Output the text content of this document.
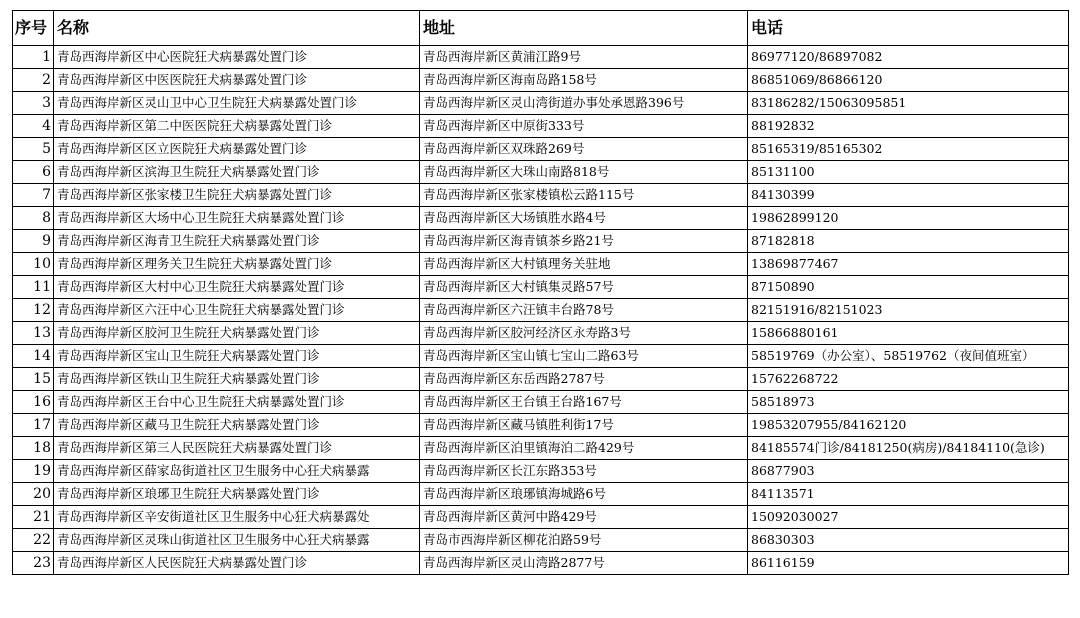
序号	名称	地址	电话
1	青岛西海岸新区中心医院狂犬病暴露处置门诊	青岛西海岸新区黄浦江路9号	86977120/86897082
2	青岛西海岸新区中医医院狂犬病暴露处置门诊	青岛西海岸新区海南岛路158号	86851069/86866120
3	青岛西海岸新区灵山卫中心卫生院狂犬病暴露处置门诊	青岛西海岸新区灵山湾街道办事处承恩路396号	83186282/15063095851
4	青岛西海岸新区第二中医医院狂犬病暴露处置门诊	青岛西海岸新区中原街333号	88192832
5	青岛西海岸新区区立医院狂犬病暴露处置门诊	青岛西海岸新区双珠路269号	85165319/85165302
6	青岛西海岸新区滨海卫生院狂犬病暴露处置门诊	青岛西海岸新区大珠山南路818号	85131100
7	青岛西海岸新区张家楼卫生院狂犬病暴露处置门诊	青岛西海岸新区张家楼镇松云路115号	84130399
8	青岛西海岸新区大场中心卫生院狂犬病暴露处置门诊	青岛西海岸新区大场镇胜水路4号	19862899120
9	青岛西海岸新区海青卫生院狂犬病暴露处置门诊	青岛西海岸新区海青镇茶乡路21号	87182818
10	青岛西海岸新区理务关卫生院狂犬病暴露处置门诊	青岛西海岸新区大村镇理务关驻地	13869877467
11	青岛西海岸新区大村中心卫生院狂犬病暴露处置门诊	青岛西海岸新区大村镇集灵路57号	87150890
12	青岛西海岸新区六汪中心卫生院狂犬病暴露处置门诊	青岛西海岸新区六汪镇丰台路78号	82151916/82151023
13	青岛西海岸新区胶河卫生院狂犬病暴露处置门诊	青岛西海岸新区胶河经济区永寿路3号	15866880161
14	青岛西海岸新区宝山卫生院狂犬病暴露处置门诊	青岛西海岸新区宝山镇七宝山二路63号	58519769（办公室）、58519762（夜间值班室）
15	青岛西海岸新区铁山卫生院狂犬病暴露处置门诊	青岛西海岸新区东岳西路2787号	15762268722
16	青岛西海岸新区王台中心卫生院狂犬病暴露处置门诊	青岛西海岸新区王台镇王台路167号	58518973
17	青岛西海岸新区藏马卫生院狂犬病暴露处置门诊	青岛西海岸新区藏马镇胜利街17号	19853207955/84162120
18	青岛西海岸新区第三人民医院狂犬病暴露处置门诊	青岛西海岸新区泊里镇海泊二路429号	84185574门诊/84181250(病房)/84184110(急诊)
19	青岛西海岸新区薛家岛街道社区卫生服务中心狂犬病暴露	青岛西海岸新区长江东路353号	86877903
20	青岛西海岸新区琅琊卫生院狂犬病暴露处置门诊	青岛西海岸新区琅琊镇海城路6号	84113571
21	青岛西海岸新区辛安街道社区卫生服务中心狂犬病暴露处	青岛西海岸新区黄河中路429号	15092030027
22	青岛西海岸新区灵珠山街道社区卫生服务中心狂犬病暴露	青岛市西海岸新区柳花泊路59号	86830303
23	青岛西海岸新区人民医院狂犬病暴露处置门诊	青岛西海岸新区灵山湾路2877号	86116159
